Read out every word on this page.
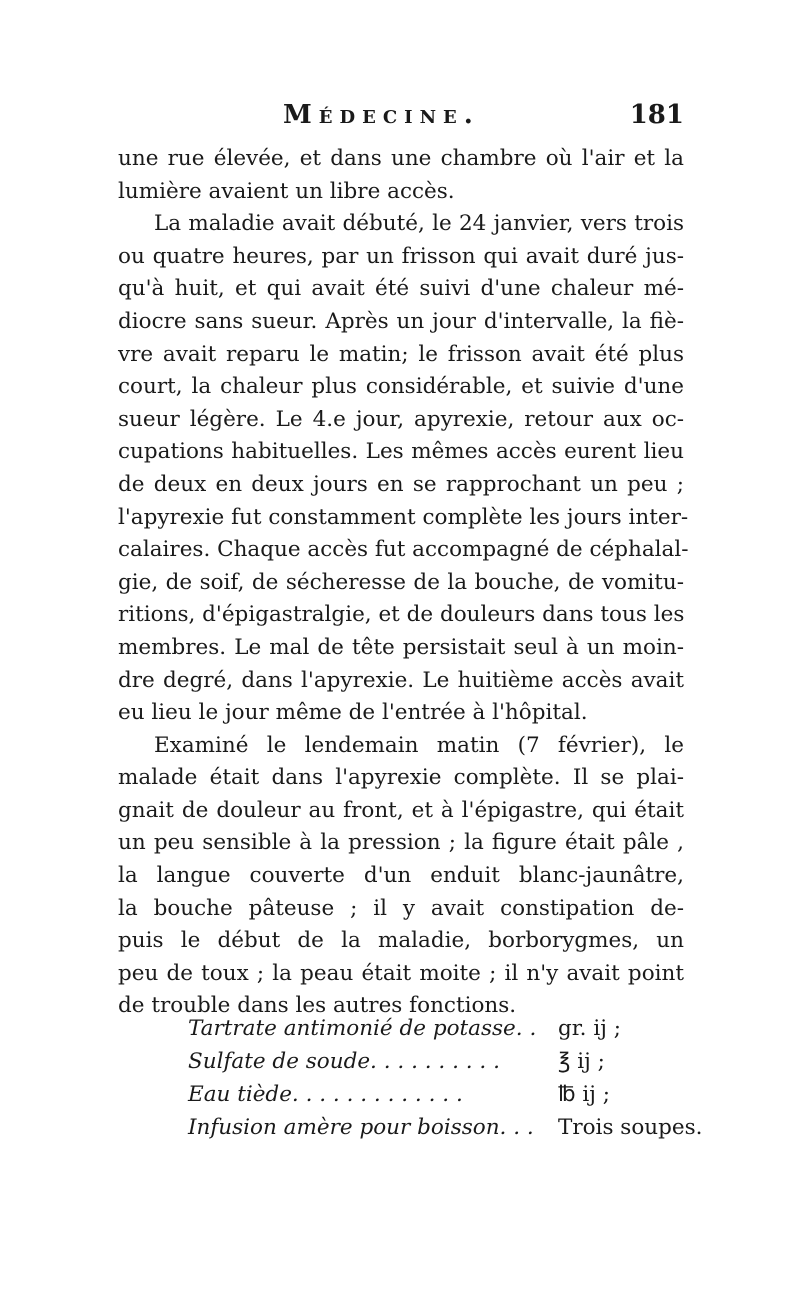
Médecine.	181
une rue élevée, et dans une chambre où l'air et la
lumière avaient un libre accès.
La maladie avait débuté, le 24 janvier, vers trois
ou quatre heures, par un frisson qui avait duré jus-
qu'à huit, et qui avait été suivi d'une chaleur mé-
diocre sans sueur. Après un jour d'intervalle, la fiè-
vre avait reparu le matin; le frisson avait été plus
court, la chaleur plus considérable, et suivie d'une
sueur légère. Le 4.e jour, apyrexie, retour aux oc-
cupations habituelles. Les mêmes accès eurent lieu
de deux en deux jours en se rapprochant un peu ;
l'apyrexie fut constamment complète les jours inter-
calaires. Chaque accès fut accompagné de céphalal-
gie, de soif, de sécheresse de la bouche, de vomitu-
ritions, d'épigastralgie, et de douleurs dans tous les
membres. Le mal de tête persistait seul à un moin-
dre degré, dans l'apyrexie. Le huitième accès avait
eu lieu le jour même de l'entrée à l'hôpital.
Examiné le lendemain matin (7 février), le
malade était dans l'apyrexie complète. Il se plai-
gnait de douleur au front, et à l'épigastre, qui était
un peu sensible à la pression ; la figure était pâle ,
la langue couverte d'un enduit blanc-jaunâtre,
la bouche pâteuse ; il y avait constipation de-
puis le début de la maladie, borborygmes, un
peu de toux ; la peau était moite ; il n'y avait point
de trouble dans les autres fonctions.
Tartrate antimonié de potasse. . gr. ij ;
Sulfate de soude. . . . . . . . . .	℥ ij ;
Eau tiède. . . . . . . . . . . . .	℔ ij ;
Infusion amère pour boisson. . . Trois soupes.
